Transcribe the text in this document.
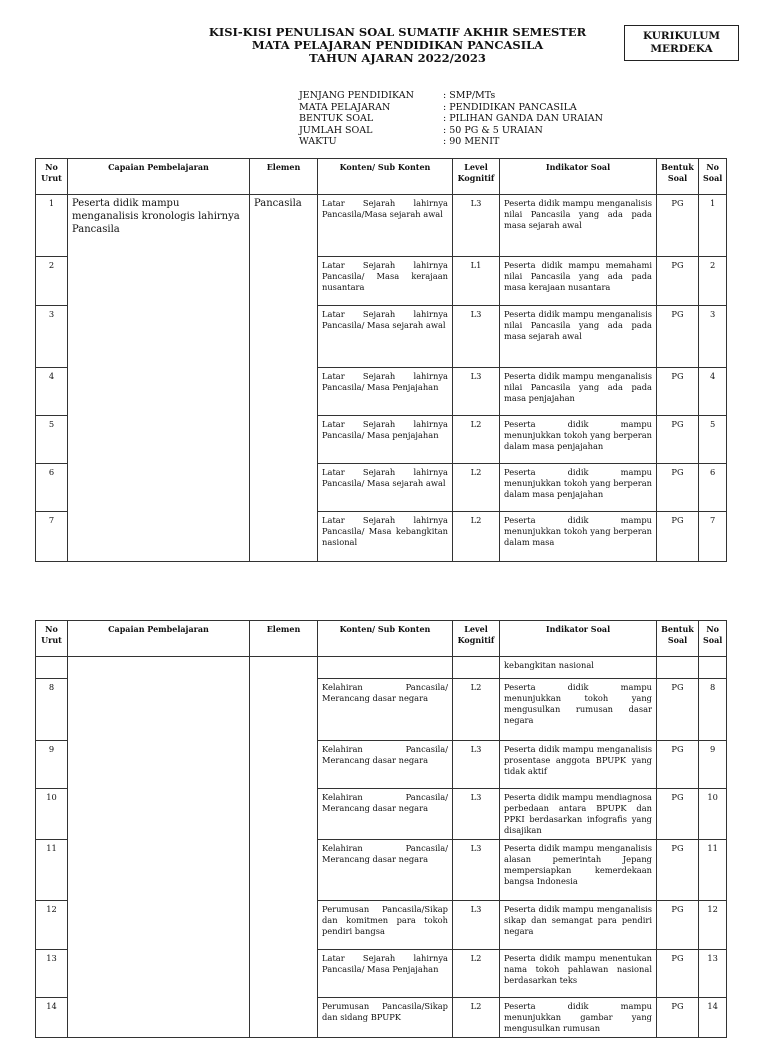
KISI-KISI PENULISAN SOAL SUMATIF AKHIR SEMESTER
MATA PELAJARAN PENDIDIKAN PANCASILA
TAHUN AJARAN 2022/2023
KURIKULUM
MERDEKA
JENJANG PENDIDIKAN	: SMP/MTs
MATA PELAJARAN	: PENDIDIKAN PANCASILA
BENTUK SOAL	: PILIHAN GANDA DAN URAIAN
JUMLAH SOAL	: 50 PG & 5 URAIAN
WAKTU	: 90 MENIT
No Urut	Capaian Pembelajaran	Elemen	Konten/ Sub Konten	Level Kognitif	Indikator Soal	Bentuk Soal	No Soal
1	Peserta didik mampu menganalisis kronologis lahirnya Pancasila	Pancasila	Latar Sejarah lahirnya Pancasila/Masa sejarah awal	L3	Peserta didik mampu menganalisis nilai Pancasila yang ada pada masa sejarah awal	PG	1
2			Latar Sejarah lahirnya Pancasila/ Masa kerajaan nusantara	L1	Peserta didik mampu memahami nilai Pancasila yang ada pada masa kerajaan nusantara	PG	2
3			Latar Sejarah lahirnya Pancasila/ Masa sejarah awal	L3	Peserta didik mampu menganalisis nilai Pancasila yang ada pada masa sejarah awal	PG	3
4			Latar Sejarah lahirnya Pancasila/ Masa Penjajahan	L3	Peserta didik mampu menganalisis nilai Pancasila yang ada pada masa penjajahan	PG	4
5			Latar Sejarah lahirnya Pancasila/ Masa penjajahan	L2	Peserta didik mampu menunjukkan tokoh yang berperan dalam masa penjajahan	PG	5
6			Latar Sejarah lahirnya Pancasila/ Masa sejarah awal	L2	Peserta didik mampu menunjukkan tokoh yang berperan dalam masa penjajahan	PG	6
7			Latar Sejarah lahirnya Pancasila/ Masa kebangkitan nasional	L2	Peserta didik mampu menunjukkan tokoh yang berperan dalam masa	PG	7
No Urut	Capaian Pembelajaran	Elemen	Konten/ Sub Konten	Level Kognitif	Indikator Soal	Bentuk Soal	No Soal
					kebangkitan nasional		
8			Kelahiran Pancasila/ Merancang dasar negara	L2	Peserta didik mampu menunjukkan tokoh yang mengusulkan rumusan dasar negara	PG	8
9			Kelahiran Pancasila/ Merancang dasar negara	L3	Peserta didik mampu menganalisis prosentase anggota BPUPK yang tidak aktif	PG	9
10			Kelahiran Pancasila/ Merancang dasar negara	L3	Peserta didik mampu mendiagnosa perbedaan antara BPUPK dan PPKI berdasarkan infografis yang disajikan	PG	10
11			Kelahiran Pancasila/ Merancang dasar negara	L3	Peserta didik mampu menganalisis alasan pemerintah Jepang mempersiapkan kemerdekaan bangsa Indonesia	PG	11
12			Perumusan Pancasila/Sikap dan komitmen para tokoh pendiri bangsa	L3	Peserta didik mampu menganalisis sikap dan semangat para pendiri negara	PG	12
13			Latar Sejarah lahirnya Pancasila/ Masa Penjajahan	L2	Peserta didik mampu menentukan nama tokoh pahlawan nasional berdasarkan teks	PG	13
14			Perumusan Pancasila/Sikap dan sidang BPUPK	L2	Peserta didik mampu menunjukkan gambar yang mengusulkan rumusan	PG	14
